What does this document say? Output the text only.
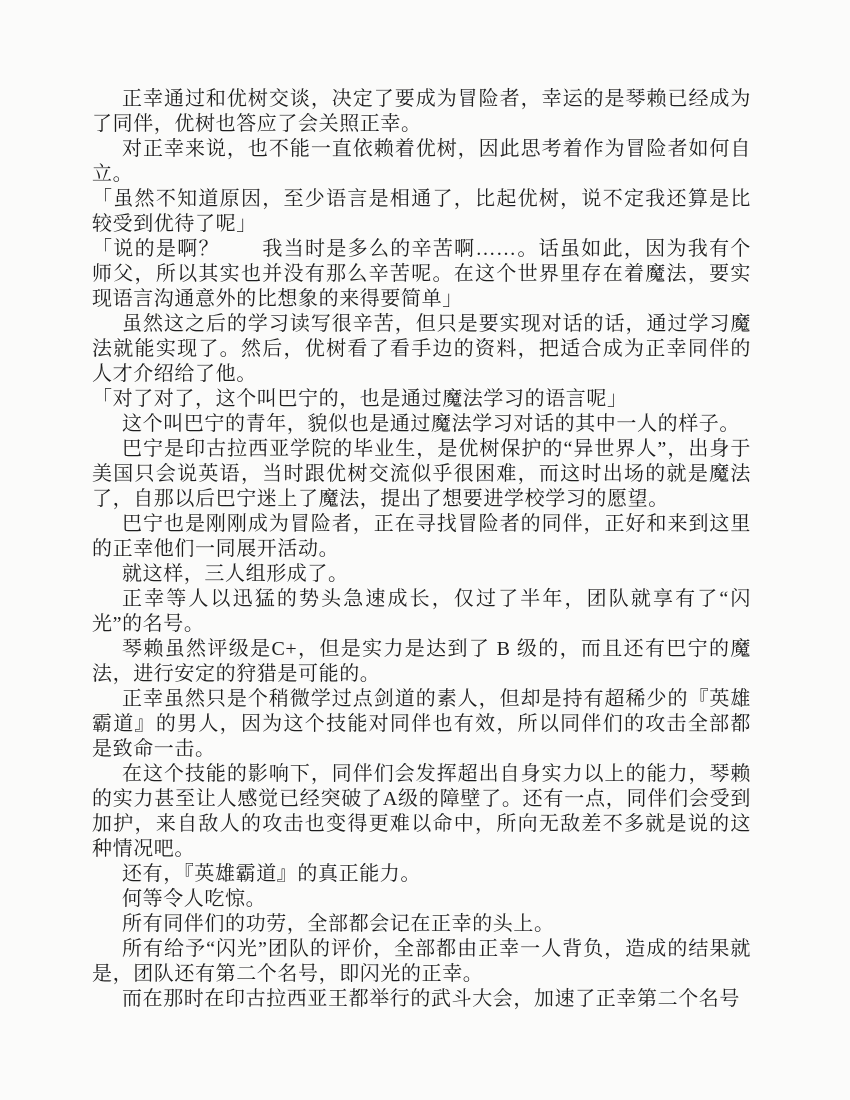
正幸通过和优树交谈，决定了要成为冒险者，幸运的是琴赖已经成为了同伴，优树也答应了会关照正幸。

对正幸来说，也不能一直依赖着优树，因此思考着作为冒险者如何自立。

「虽然不知道原因，至少语言是相通了，比起优树，说不定我还算是比较受到优待了呢」

「说的是啊？　　我当时是多么的辛苦啊……。话虽如此，因为我有个师父，所以其实也并没有那么辛苦呢。在这个世界里存在着魔法，要实现语言沟通意外的比想象的来得要简单」

虽然这之后的学习读写很辛苦，但只是要实现对话的话，通过学习魔法就能实现了。然后，优树看了看手边的资料，把适合成为正幸同伴的人才介绍给了他。

「对了对了，这个叫巴宁的，也是通过魔法学习的语言呢」

这个叫巴宁的青年，貌似也是通过魔法学习对话的其中一人的样子。

巴宁是印古拉西亚学院的毕业生，是优树保护的“异世界人”，出身于美国只会说英语，当时跟优树交流似乎很困难，而这时出场的就是魔法了，自那以后巴宁迷上了魔法，提出了想要进学校学习的愿望。

巴宁也是刚刚成为冒险者，正在寻找冒险者的同伴，正好和来到这里的正幸他们一同展开活动。

就这样，三人组形成了。

正幸等人以迅猛的势头急速成长，仅过了半年，团队就享有了“闪光”的名号。

琴赖虽然评级是C+，但是实力是达到了 B 级的，而且还有巴宁的魔法，进行安定的狩猎是可能的。

正幸虽然只是个稍微学过点剑道的素人，但却是持有超稀少的『英雄霸道』的男人，因为这个技能对同伴也有效，所以同伴们的攻击全部都是致命一击。

在这个技能的影响下，同伴们会发挥超出自身实力以上的能力，琴赖的实力甚至让人感觉已经突破了A级的障壁了。还有一点，同伴们会受到加护，来自敌人的攻击也变得更难以命中，所向无敌差不多就是说的这种情况吧。

还有，『英雄霸道』的真正能力。

何等令人吃惊。

所有同伴们的功劳，全部都会记在正幸的头上。

所有给予“闪光”团队的评价，全部都由正幸一人背负，造成的结果就是，团队还有第二个名号，即闪光的正幸。

而在那时在印古拉西亚王都举行的武斗大会，加速了正幸第二个名号
